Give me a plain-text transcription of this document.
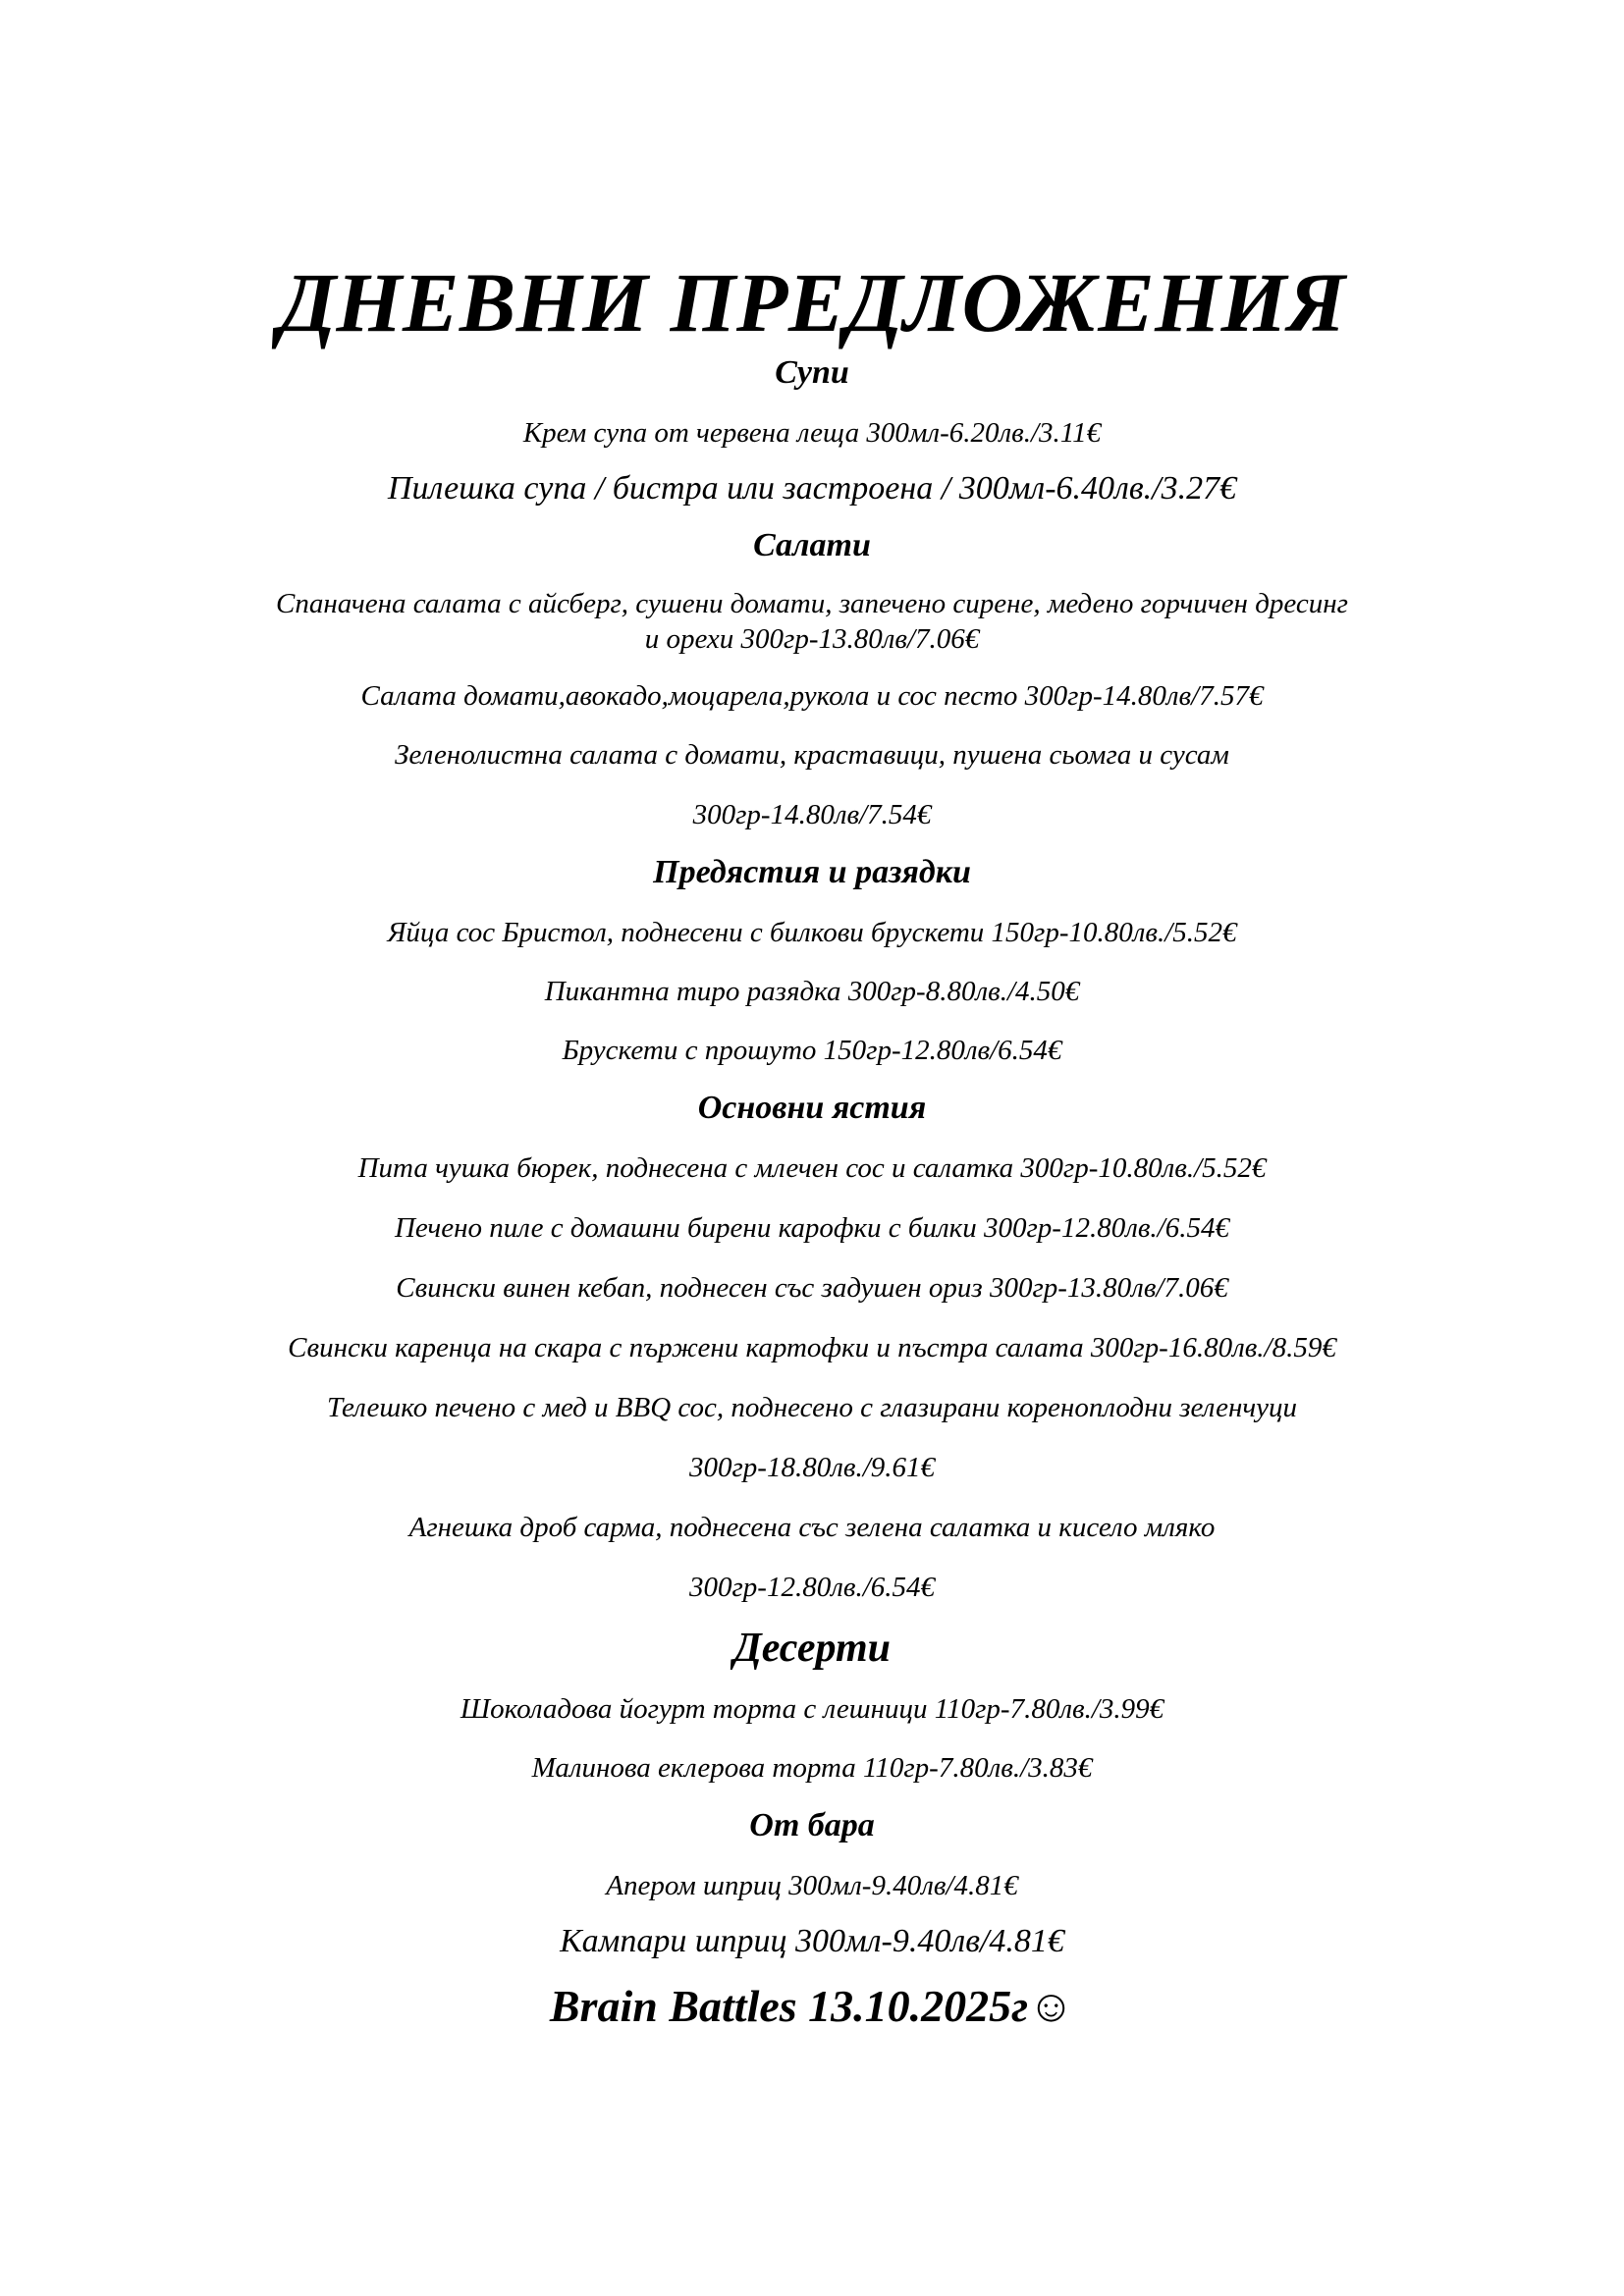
ДНЕВНИ ПРЕДЛОЖЕНИЯ

Супи

Крем супа от червена леща 300мл-6.20лв./3.11€

Пилешка супа / бистра или застроена / 300мл-6.40лв./3.27€

Салати

Спаначена салата с айсберг, сушени домати, запечено сирене, медено горчичен дресинг

и орехи 300гр-13.80лв/7.06€

Салата домати,авокадо,моцарела,рукола и сос песто 300гр-14.80лв/7.57€

Зеленолистна салата с домати, краставици, пушена сьомга и сусам

300гр-14.80лв/7.54€

Предястия и разядки

Яйца сос Бристол, поднесени с билкови брускети 150гр-10.80лв./5.52€

Пикантна тиро разядка 300гр-8.80лв./4.50€

Брускети с прошуто 150гр-12.80лв/6.54€

Основни ястия

Пита чушка бюрек, поднесена с млечен сос и салатка 300гр-10.80лв./5.52€

Печено пиле с домашни бирени карофки с билки 300гр-12.80лв./6.54€

Свински винен кебап, поднесен със задушен ориз 300гр-13.80лв/7.06€

Свински каренца на скара с пържени картофки и пъстра салата 300гр-16.80лв./8.59€

Телешко печено с мед и BBQ сос, поднесено с глазирани кореноплодни зеленчуци

300гр-18.80лв./9.61€

Агнешка дроб сарма, поднесена със зелена салатка и кисело мляко

300гр-12.80лв./6.54€

Десерти

Шоколадова йогурт торта с лешници 110гр-7.80лв./3.99€

Малинова еклерова торта 110гр-7.80лв./3.83€

От бара

Апером шприц 300мл-9.40лв/4.81€

Кампари шприц 300мл-9.40лв/4.81€

Brain Battles 13.10.2025г☺
